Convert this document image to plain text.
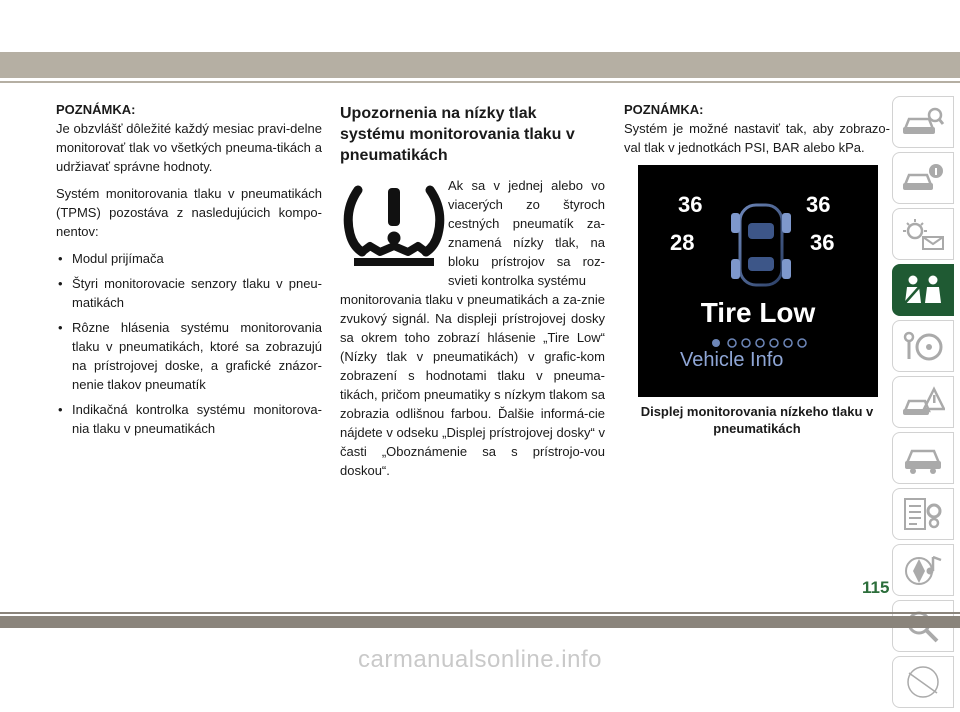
POZNÁMKA:

Je obzvlášť dôležité každý mesiac pravi-delne monitorovať tlak vo všetkých pneuma-tikách a udržiavať správne hodnoty.

Systém monitorovania tlaku v pneumatikách (TPMS) pozostáva z nasledujúcich kompo-nentov:

• Modul prijímača
• Štyri monitorovacie senzory tlaku v pneu-matikách
• Rôzne hlásenia systému monitorovania tlaku v pneumatikách, ktoré sa zobrazujú na prístrojovej doske, a grafické znázor-nenie tlakov pneumatík
• Indikačná kontrolka systému monitorova-nia tlaku v pneumatikách
Upozornenia na nízky tlak systému monitorovania tlaku v pneumatikách
Ak sa v jednej alebo vo viacerých zo štyroch cestných pneumatík za-znamená nízky tlak, na bloku prístrojov sa roz-svieti kontrolka systému

monitorovania tlaku v pneumatikách a za-znie zvukový signál. Na displeji prístrojovej dosky sa okrem toho zobrazí hlásenie „Tire Low“ (Nízky tlak v pneumatikách) v grafic-kom zobrazení s hodnotami tlaku v pneuma-tikách, pričom pneumatiky s nízkym tlakom sa zobrazia odlišnou farbou. Ďalšie informá-cie nájdete v odseku „Displej prístrojovej dosky“ v časti „Oboznámenie sa s prístrojo-vou doskou“.

POZNÁMKA:

Systém je možné nastaviť tak, aby zobrazo-val tlak v jednotkách PSI, BAR alebo kPa.

36	36
28	36
Tire Low
Vehicle Info
Displej monitorovania nízkeho tlaku v pneumatikách
115
carmanualsonline.info
